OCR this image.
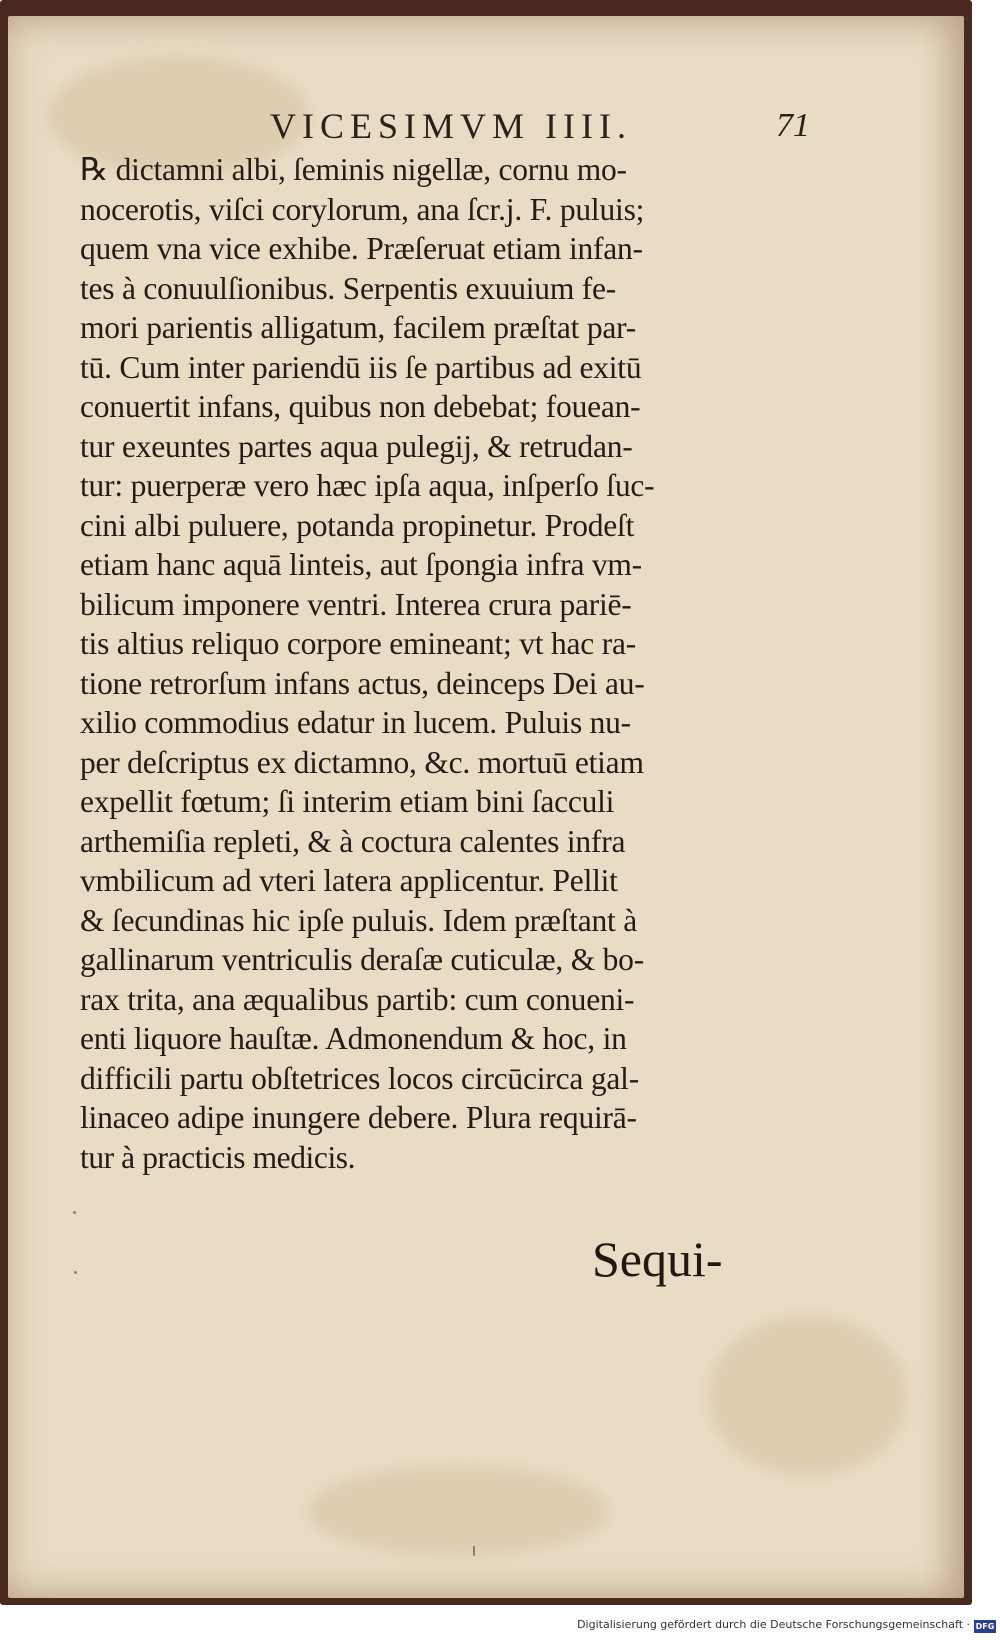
VICESIMVM IIII.	71
℞ dictamni albi, ſeminis nigellæ, cornu mo-
nocerotis, viſci corylorum, ana ſcr.j. F. puluis;
quem vna vice exhibe. Præſeruat etiam infan-
tes à conuulſionibus. Serpentis exuuium fe-
mori parientis alligatum, facilem præſtat par-
tū. Cum inter pariendū iis ſe partibus ad exitū
conuertit infans, quibus non debebat; fouean-
tur exeuntes partes aqua pulegij, & retrudan-
tur: puerperæ vero hæc ipſa aqua, inſperſo ſuc-
cini albi puluere, potanda propinetur. Prodeſt
etiam hanc aquā linteis, aut ſpongia infra vm-
bilicum imponere ventri. Interea crura pariē-
tis altius reliquo corpore emineant; vt hac ra-
tione retrorſum infans actus, deinceps Dei au-
xilio commodius edatur in lucem. Puluis nu-
per deſcriptus ex dictamno, &c. mortuū etiam
expellit fœtum; ſi interim etiam bini ſacculi
arthemiſia repleti, & à coctura calentes infra
vmbilicum ad vteri latera applicentur. Pellit
& ſecundinas hic ipſe puluis. Idem præſtant à
gallinarum ventriculis deraſæ cuticulæ, & bo-
rax trita, ana æqualibus partib: cum conueni-
enti liquore hauſtæ. Admonendum & hoc, in
difficili partu obſtetrices locos circūcirca gal-
linaceo adipe inungere debere. Plura requirā-
tur à practicis medicis.
Sequi-
Digitalisierung gefördert durch die Deutsche Forschungsgemeinschaft · DFG
